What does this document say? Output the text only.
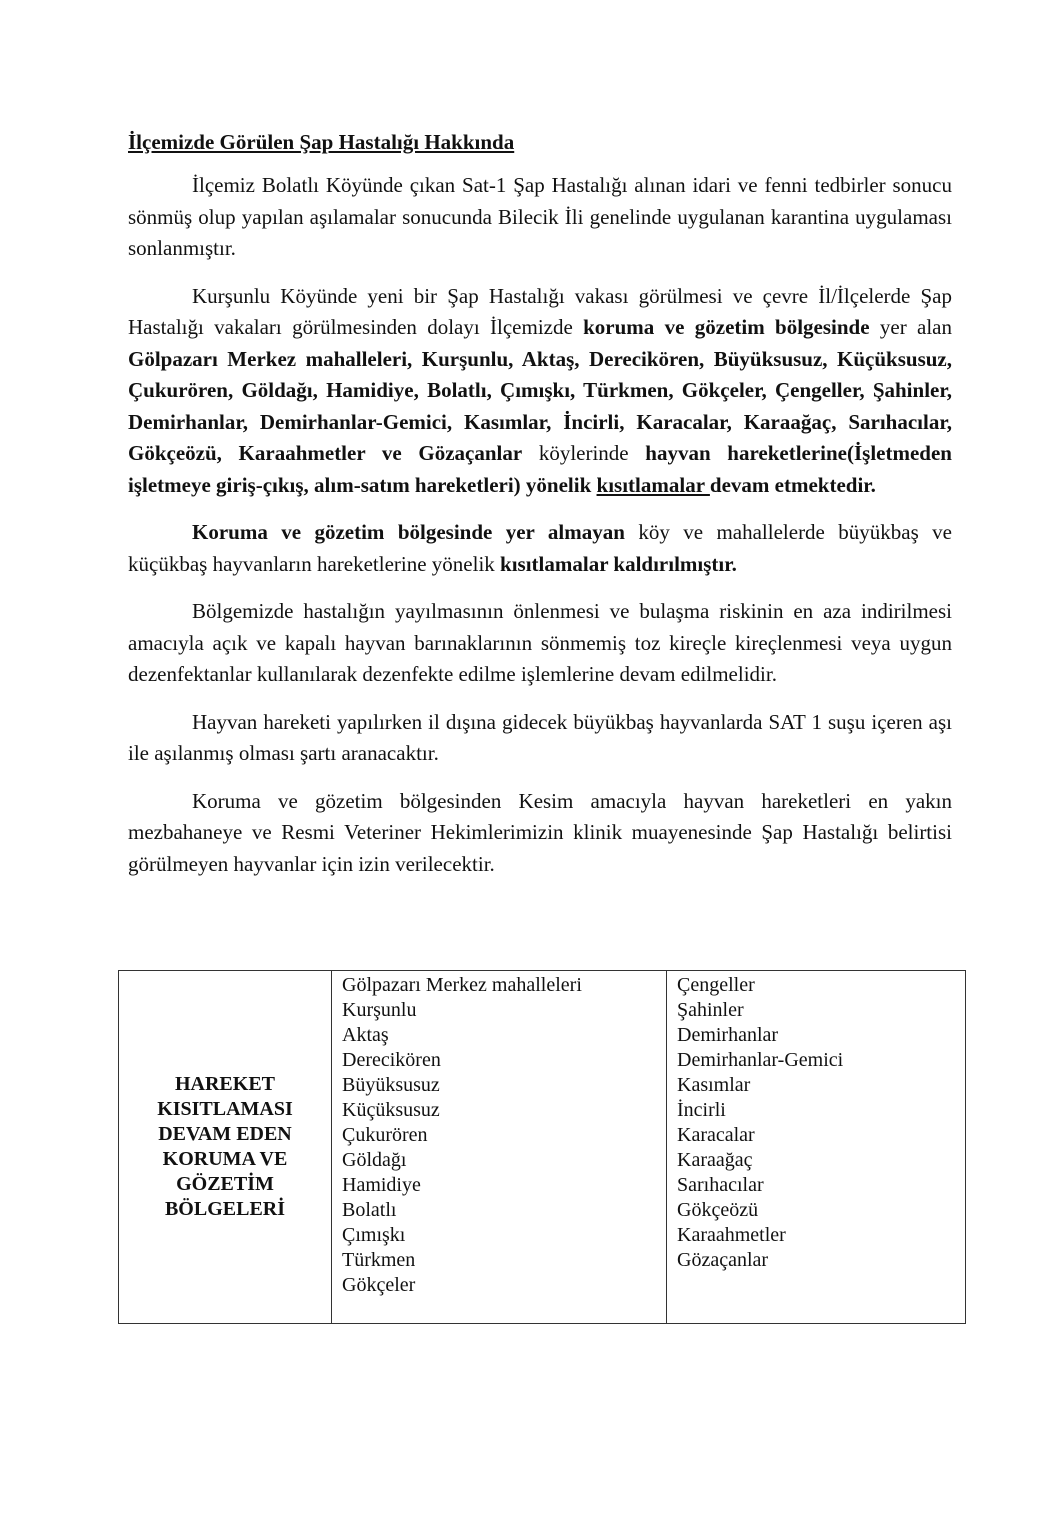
İlçemizde Görülen Şap Hastalığı Hakkında

İlçemiz Bolatlı Köyünde çıkan Sat-1 Şap Hastalığı alınan idari ve fenni tedbirler sonucu sönmüş olup yapılan aşılamalar sonucunda Bilecik İli genelinde uygulanan karantina uygulaması sonlanmıştır.

Kurşunlu Köyünde yeni bir Şap Hastalığı vakası görülmesi ve çevre İl/İlçelerde Şap Hastalığı vakaları görülmesinden dolayı İlçemizde koruma ve gözetim bölgesinde yer alan Gölpazarı Merkez mahalleleri, Kurşunlu, Aktaş, Derecikören, Büyüksusuz, Küçüksusuz, Çukurören, Göldağı, Hamidiye, Bolatlı, Çımışkı, Türkmen, Gökçeler, Çengeller, Şahinler, Demirhanlar, Demirhanlar-Gemici, Kasımlar, İncirli, Karacalar, Karaağaç, Sarıhacılar, Gökçeözü, Karaahmetler ve Gözaçanlar köylerinde hayvan hareketlerine(İşletmeden işletmeye giriş-çıkış, alım-satım hareketleri) yönelik kısıtlamalar devam etmektedir.

Koruma ve gözetim bölgesinde yer almayan köy ve mahallelerde büyükbaş ve küçükbaş hayvanların hareketlerine yönelik kısıtlamalar kaldırılmıştır.

Bölgemizde hastalığın yayılmasının önlenmesi ve bulaşma riskinin en aza indirilmesi amacıyla açık ve kapalı hayvan barınaklarının sönmemiş toz kireçle kireçlenmesi veya uygun dezenfektanlar kullanılarak dezenfekte edilme işlemlerine devam edilmelidir.

Hayvan hareketi yapılırken il dışına gidecek büyükbaş hayvanlarda SAT 1 suşu içeren aşı ile aşılanmış olması şartı aranacaktır.

Koruma ve gözetim bölgesinden Kesim amacıyla hayvan hareketleri en yakın mezbahaneye ve Resmi Veteriner Hekimlerimizin klinik muayenesinde Şap Hastalığı belirtisi görülmeyen hayvanlar için izin verilecektir.

HAREKET
KISITLAMASI
DEVAM EDEN
KORUMA VE
GÖZETİM
BÖLGELERİ

Gölpazarı Merkez mahalleleri
Kurşunlu
Aktaş
Derecikören
Büyüksusuz
Küçüksusuz
Çukurören
Göldağı
Hamidiye
Bolatlı
Çımışkı
Türkmen
Gökçeler

Çengeller
Şahinler
Demirhanlar
Demirhanlar-Gemici
Kasımlar
İncirli
Karacalar
Karaağaç
Sarıhacılar
Gökçeözü
Karaahmetler
Gözaçanlar
